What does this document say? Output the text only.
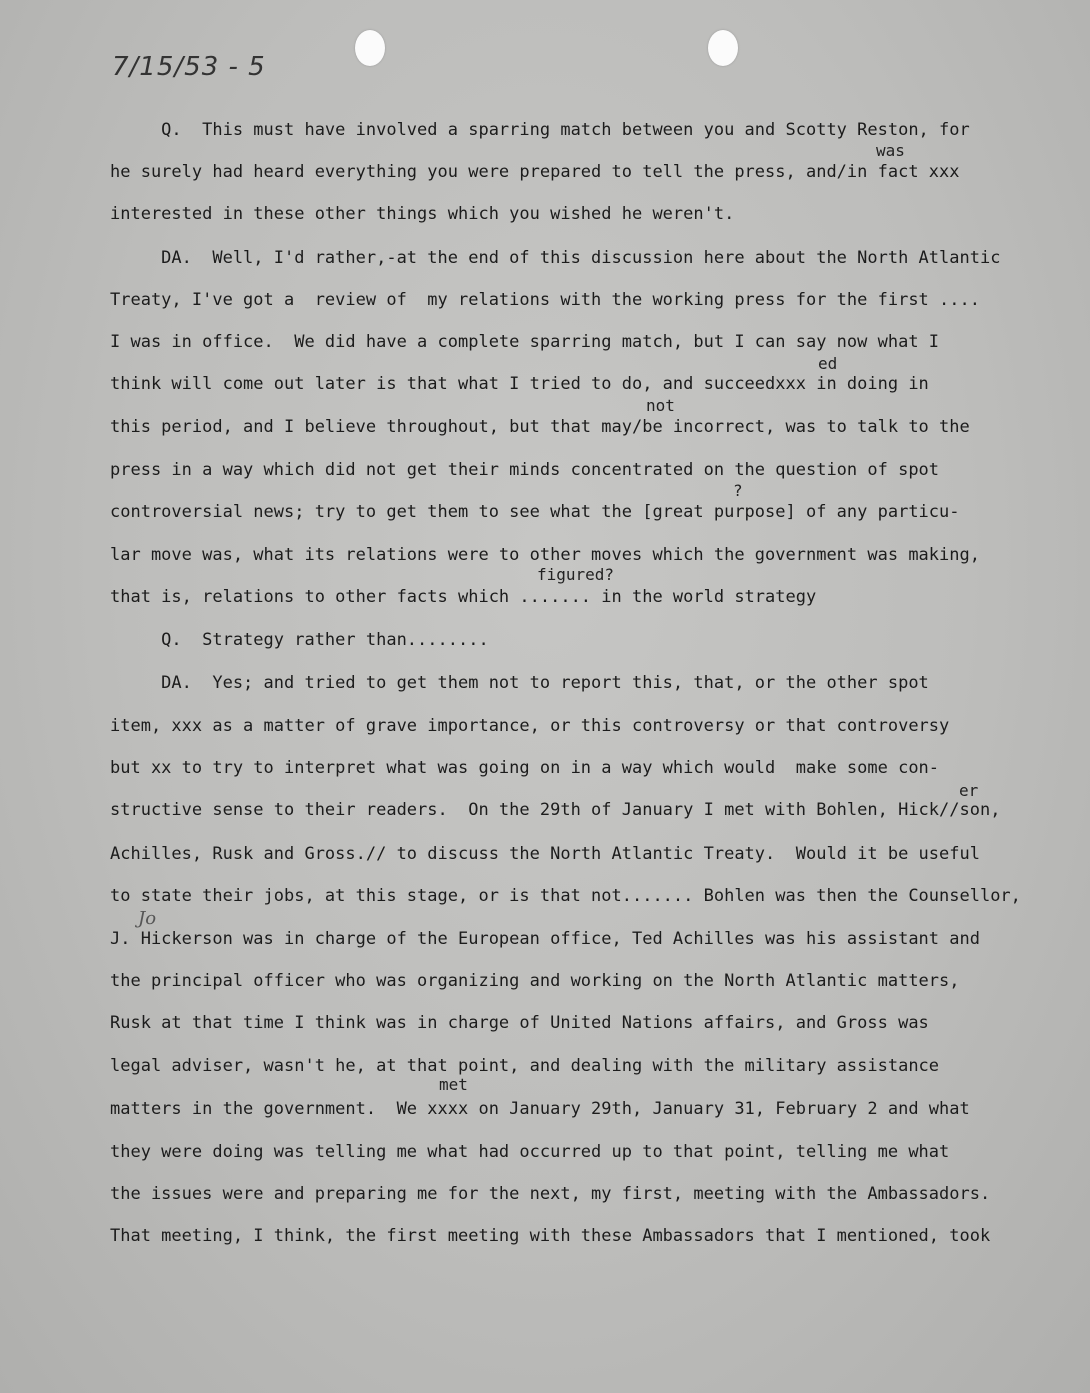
7/15/53 - 5
was
ed
not
?
figured?
er
met
Jo
Q.  This must have involved a sparring match between you and Scotty Reston, for
he surely had heard everything you were prepared to tell the press, and/in fact xxx
interested in these other things which you wished he weren't.
DA.  Well, I'd rather,-at the end of this discussion here about the North Atlantic
Treaty, I've got a  review of  my relations with the working press for the first ....
I was in office.  We did have a complete sparring match, but I can say now what I
think will come out later is that what I tried to do, and succeedxxx in doing in
this period, and I believe throughout, but that may/be incorrect, was to talk to the
press in a way which did not get their minds concentrated on the question of spot
controversial news; try to get them to see what the [great purpose] of any particu-
lar move was, what its relations were to other moves which the government was making,
that is, relations to other facts which ....... in the world strategy
Q.  Strategy rather than........
DA.  Yes; and tried to get them not to report this, that, or the other spot
item, xxx as a matter of grave importance, or this controversy or that controversy
but xx to try to interpret what was going on in a way which would  make some con-
structive sense to their readers.  On the 29th of January I met with Bohlen, Hick//son,
Achilles, Rusk and Gross.// to discuss the North Atlantic Treaty.  Would it be useful
to state their jobs, at this stage, or is that not....... Bohlen was then the Counsellor,
J. Hickerson was in charge of the European office, Ted Achilles was his assistant and
the principal officer who was organizing and working on the North Atlantic matters,
Rusk at that time I think was in charge of United Nations affairs, and Gross was
legal adviser, wasn't he, at that point, and dealing with the military assistance
matters in the government.  We xxxx on January 29th, January 31, February 2 and what
they were doing was telling me what had occurred up to that point, telling me what
the issues were and preparing me for the next, my first, meeting with the Ambassadors.
That meeting, I think, the first meeting with these Ambassadors that I mentioned, took
